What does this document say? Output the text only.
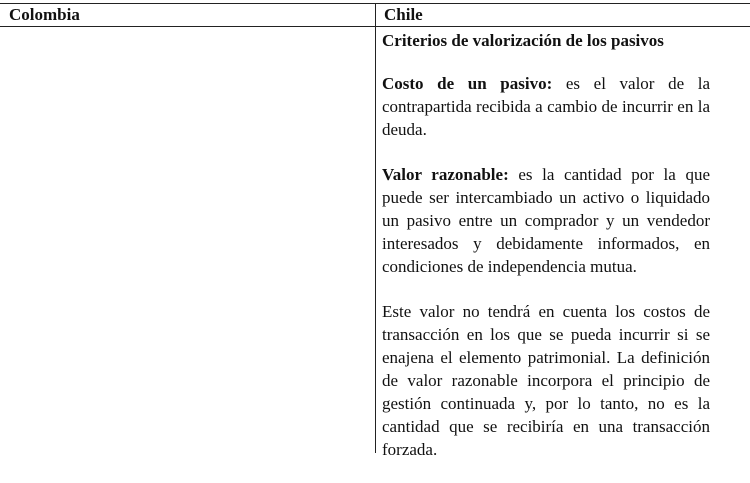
Colombia	Chile
Criterios de valorización de los pasivos

Costo de un pasivo: es el valor de la contrapartida recibida a cambio de incurrir en la deuda.

Valor razonable: es la cantidad por la que puede ser intercambiado un activo o liquidado un pasivo entre un comprador y un vendedor interesados y debidamente informados, en condiciones de independencia mutua.

Este valor no tendrá en cuenta los costos de transacción en los que se pueda incurrir si se enajena el elemento patrimonial. La definición de valor razonable incorpora el principio de gestión continuada y, por lo tanto, no es la cantidad que se recibiría en una transacción forzada.
